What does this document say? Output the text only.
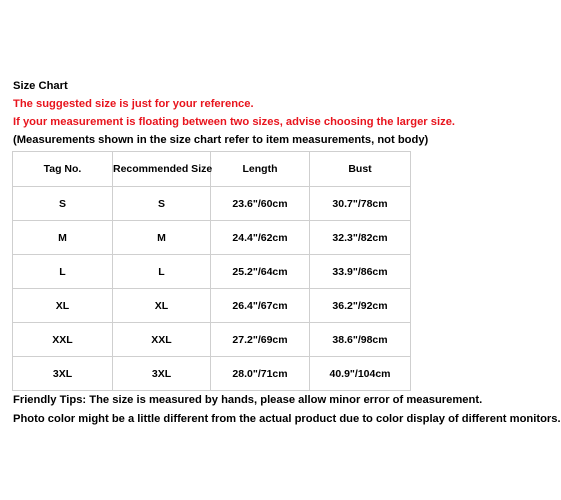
Size Chart
The suggested size is just for your reference.
If your measurement is floating between two sizes, advise choosing the larger size.
(Measurements shown in the size chart refer to item measurements, not body)
Tag No.	Recommended Size	Length	Bust
S	S	23.6"/60cm	30.7"/78cm
M	M	24.4"/62cm	32.3"/82cm
L	L	25.2"/64cm	33.9"/86cm
XL	XL	26.4"/67cm	36.2"/92cm
XXL	XXL	27.2"/69cm	38.6"/98cm
3XL	3XL	28.0"/71cm	40.9"/104cm
Friendly Tips: The size is measured by hands, please allow minor error of measurement.
Photo color might be a little different from the actual product due to color display of different monitors.
